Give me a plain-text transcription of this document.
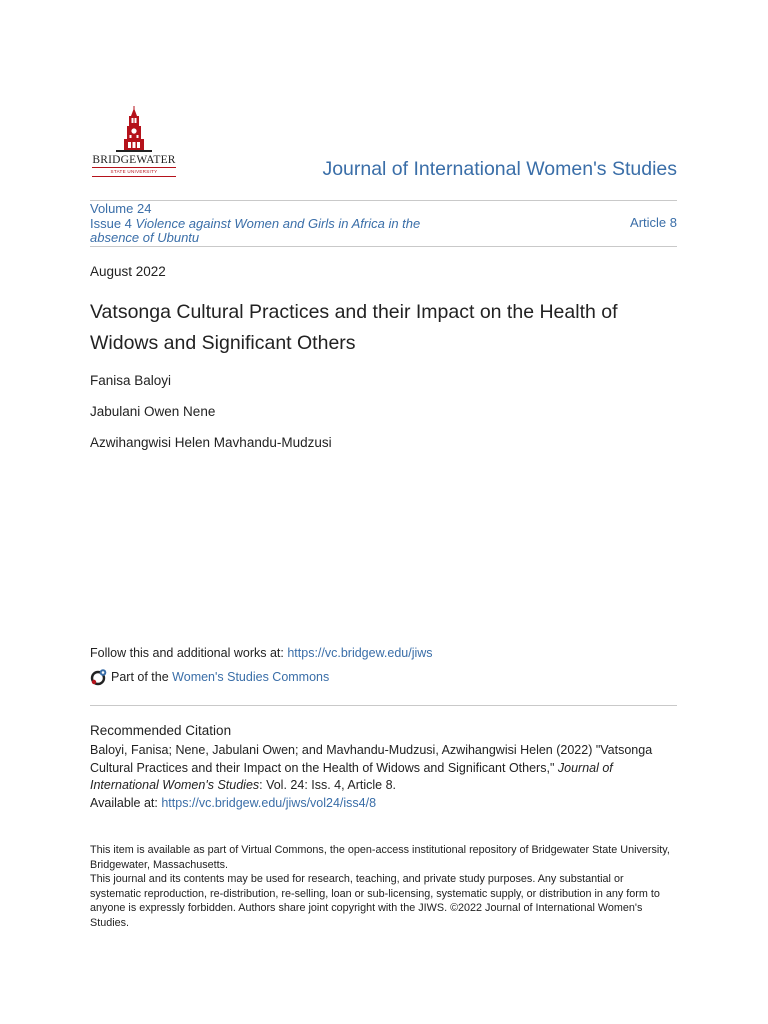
BRIDGEWATER
STATE UNIVERSITY	Journal of International Women's Studies
Volume 24
Issue 4 Violence against Women and Girls in Africa in the absence of Ubuntu
Article 8
August 2022
Vatsonga Cultural Practices and their Impact on the Health of Widows and Significant Others
Fanisa Baloyi
Jabulani Owen Nene
Azwihangwisi Helen Mavhandu-Mudzusi
Follow this and additional works at: https://vc.bridgew.edu/jiws
Part of the
Women's Studies Commons
Recommended Citation
Baloyi, Fanisa; Nene, Jabulani Owen; and Mavhandu-Mudzusi, Azwihangwisi Helen (2022) "Vatsonga Cultural Practices and their Impact on the Health of Widows and Significant Others," Journal of International Women's Studies: Vol. 24: Iss. 4, Article 8.
Available at: https://vc.bridgew.edu/jiws/vol24/iss4/8
This item is available as part of Virtual Commons, the open-access institutional repository of Bridgewater State University, Bridgewater, Massachusetts.
This journal and its contents may be used for research, teaching, and private study purposes. Any substantial or systematic reproduction, re-distribution, re-selling, loan or sub-licensing, systematic supply, or distribution in any form to anyone is expressly forbidden. Authors share joint copyright with the JIWS. ©2022 Journal of International Women's Studies.
